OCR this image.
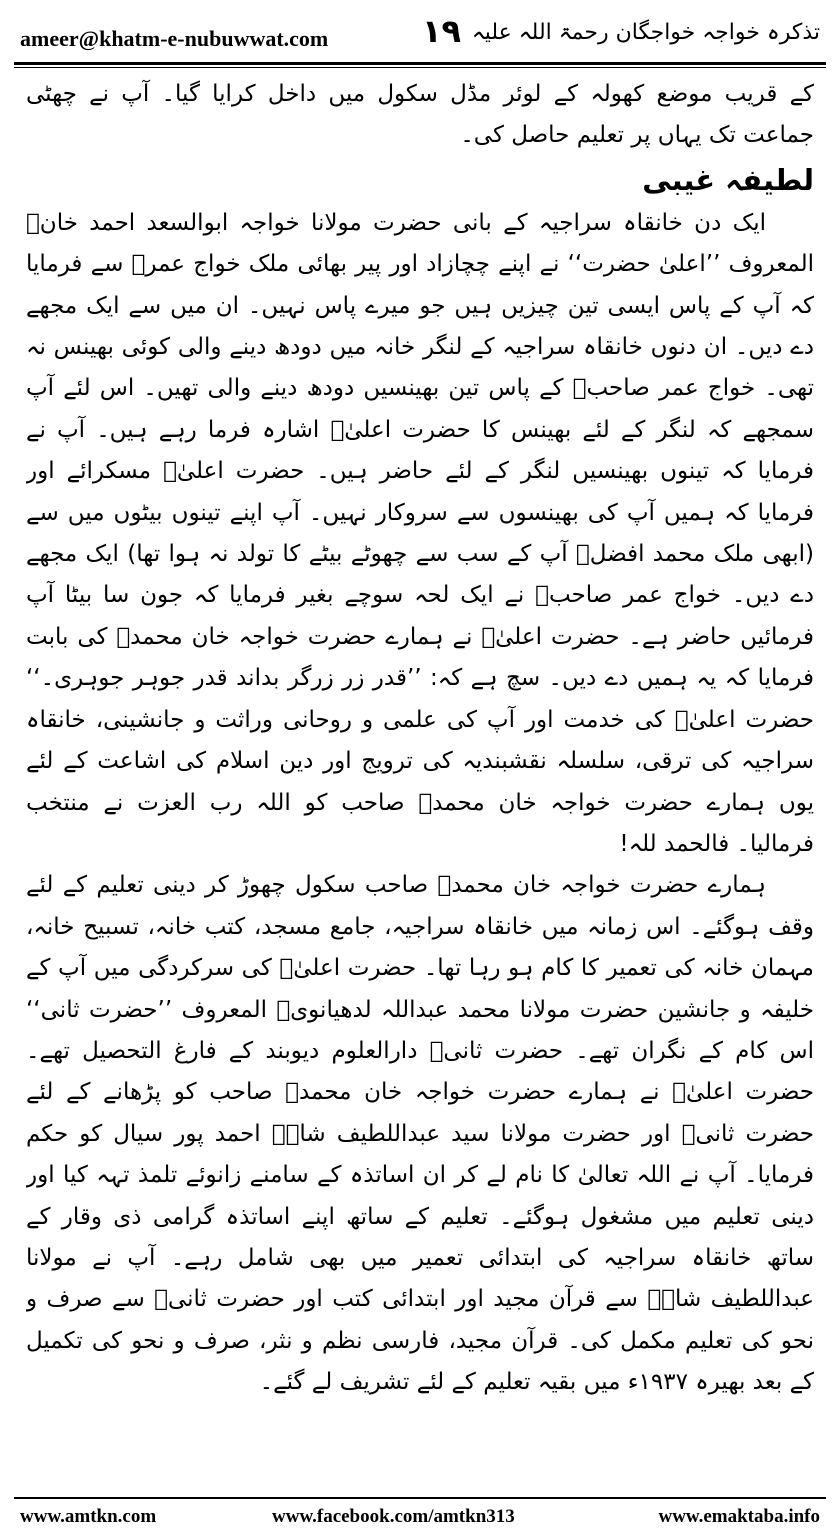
ameer@khatm-e-nubuwwat.com	۱۹ تذکرہ خواجہ خواجگان رحمۃ اللہ علیہ

کے قریب موضع کھولہ کے لوئر مڈل سکول میں داخل کرایا گیا۔ آپ نے چھٹی جماعت تک یہاں پر تعلیم حاصل کی۔

لطیفہ غیبی

ایک دن خانقاہ سراجیہ کے بانی حضرت مولانا خواجہ ابوالسعد احمد خانؒ المعروف ’’اعلیٰ حضرت‘‘ نے اپنے چچازاد اور پیر بھائی ملک خواج عمرؒ سے فرمایا کہ آپ کے پاس ایسی تین چیزیں ہیں جو میرے پاس نہیں۔ ان میں سے ایک مجھے دے دیں۔ ان دنوں خانقاہ سراجیہ کے لنگر خانہ میں دودھ دینے والی کوئی بھینس نہ تھی۔ خواج عمر صاحبؒ کے پاس تین بھینسیں دودھ دینے والی تھیں۔ اس لئے آپ سمجھے کہ لنگر کے لئے بھینس کا حضرت اعلیٰؒ اشارہ فرما رہے ہیں۔ آپ نے فرمایا کہ تینوں بھینسیں لنگر کے لئے حاضر ہیں۔ حضرت اعلیٰؒ مسکرائے اور فرمایا کہ ہمیں آپ کی بھینسوں سے سروکار نہیں۔ آپ اپنے تینوں بیٹوں میں سے (ابھی ملک محمد افضلؒ آپ کے سب سے چھوٹے بیٹے کا تولد نہ ہوا تھا) ایک مجھے دے دیں۔ خواج عمر صاحبؒ نے ایک لحہ سوچے بغیر فرمایا کہ جون سا بیٹا آپ فرمائیں حاضر ہے۔ حضرت اعلیٰؒ نے ہمارے حضرت خواجہ خان محمدؒ کی بابت فرمایا کہ یہ ہمیں دے دیں۔ سچ ہے کہ: ’’قدر زر زرگر بداند قدر جوہر جوہری۔‘‘ حضرت اعلیٰؒ کی خدمت اور آپ کی علمی و روحانی وراثت و جانشینی، خانقاہ سراجیہ کی ترقی، سلسلہ نقشبندیہ کی ترویج اور دین اسلام کی اشاعت کے لئے یوں ہمارے حضرت خواجہ خان محمدؒ صاحب کو اللہ رب العزت نے منتخب فرمالیا۔ فالحمد للہ!

ہمارے حضرت خواجہ خان محمدؒ صاحب سکول چھوڑ کر دینی تعلیم کے لئے وقف ہوگئے۔ اس زمانہ میں خانقاہ سراجیہ، جامع مسجد، کتب خانہ، تسبیح خانہ، مہمان خانہ کی تعمیر کا کام ہو رہا تھا۔ حضرت اعلیٰؒ کی سرکردگی میں آپ کے خلیفہ و جانشین حضرت مولانا محمد عبداللہ لدھیانویؒ المعروف ’’حضرت ثانی‘‘ اس کام کے نگران تھے۔ حضرت ثانیؒ دارالعلوم دیوبند کے فارغ التحصیل تھے۔ حضرت اعلیٰؒ نے ہمارے حضرت خواجہ خان محمدؒ صاحب کو پڑھانے کے لئے حضرت ثانیؒ اور حضرت مولانا سید عبداللطیف شاہؒ احمد پور سیال کو حکم فرمایا۔ آپ نے اللہ تعالیٰ کا نام لے کر ان اساتذہ کے سامنے زانوئے تلمذ تہہ کیا اور دینی تعلیم میں مشغول ہوگئے۔ تعلیم کے ساتھ اپنے اساتذہ گرامی ذی وقار کے ساتھ خانقاہ سراجیہ کی ابتدائی تعمیر میں بھی شامل رہے۔ آپ نے مولانا عبداللطیف شاہؒ سے قرآن مجید اور ابتدائی کتب اور حضرت ثانیؒ سے صرف و نحو کی تعلیم مکمل کی۔ قرآن مجید، فارسی نظم و نثر، صرف و نحو کی تکمیل کے بعد بھیرہ ۱۹۳۷ء میں بقیہ تعلیم کے لئے تشریف لے گئے۔

www.amtkn.com	www.facebook.com/amtkn313	www.emaktaba.info
